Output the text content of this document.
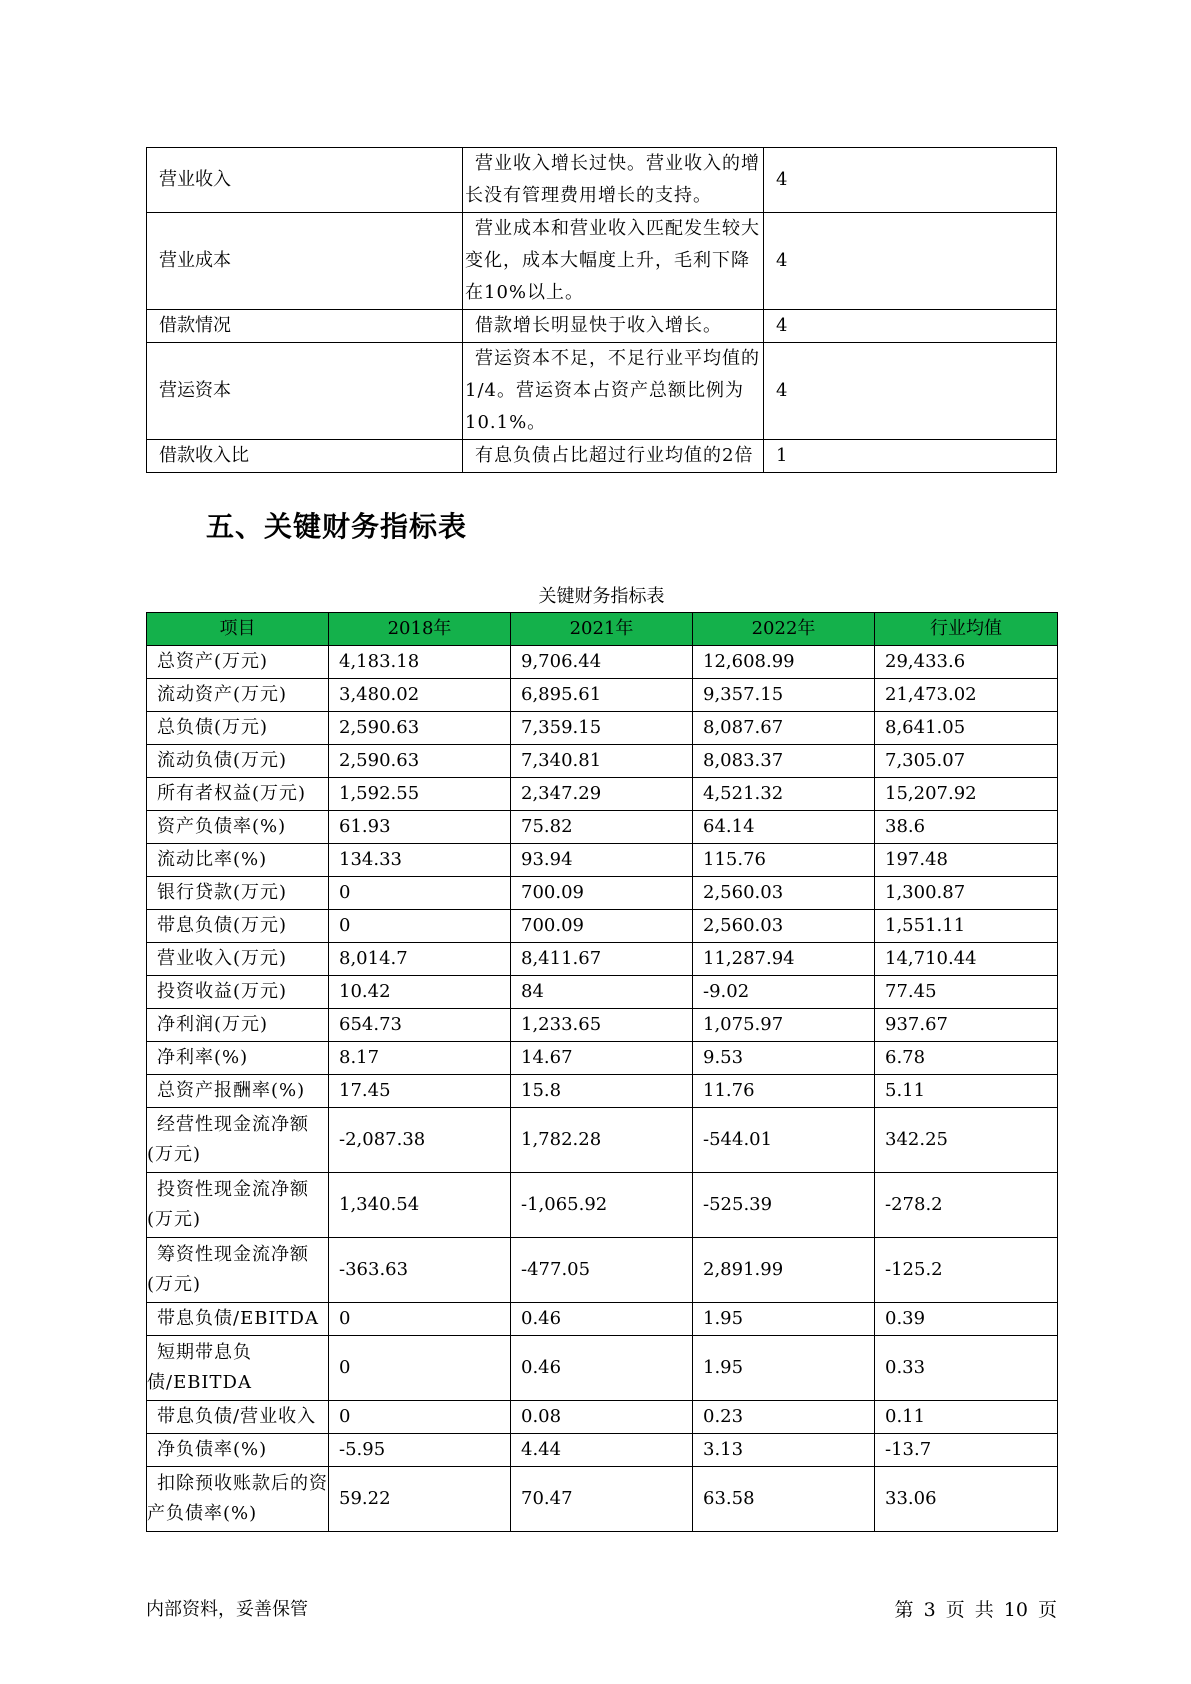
营业收入	营业收入增长过快。营业收入的增长没有管理费用增长的支持。	4
营业成本	营业成本和营业收入匹配发生较大变化，成本大幅度上升，毛利下降在10%以上。	4
借款情况	借款增长明显快于收入增长。	4
营运资本	营运资本不足，不足行业平均值的1/4。营运资本占资产总额比例为10.1%。	4
借款收入比	有息负债占比超过行业均值的2倍	1
五、关键财务指标表
关键财务指标表
项目	2018年	2021年	2022年	行业均值
总资产(万元)	4,183.18	9,706.44	12,608.99	29,433.6
流动资产(万元)	3,480.02	6,895.61	9,357.15	21,473.02
总负债(万元)	2,590.63	7,359.15	8,087.67	8,641.05
流动负债(万元)	2,590.63	7,340.81	8,083.37	7,305.07
所有者权益(万元)	1,592.55	2,347.29	4,521.32	15,207.92
资产负债率(%)	61.93	75.82	64.14	38.6
流动比率(%)	134.33	93.94	115.76	197.48
银行贷款(万元)	0	700.09	2,560.03	1,300.87
带息负债(万元)	0	700.09	2,560.03	1,551.11
营业收入(万元)	8,014.7	8,411.67	11,287.94	14,710.44
投资收益(万元)	10.42	84	-9.02	77.45
净利润(万元)	654.73	1,233.65	1,075.97	937.67
净利率(%)	8.17	14.67	9.53	6.78
总资产报酬率(%)	17.45	15.8	11.76	5.11
经营性现金流净额(万元)	-2,087.38	1,782.28	-544.01	342.25
投资性现金流净额(万元)	1,340.54	-1,065.92	-525.39	-278.2
筹资性现金流净额(万元)	-363.63	-477.05	2,891.99	-125.2
带息负债/EBITDA	0	0.46	1.95	0.39
短期带息负债/EBITDA	0	0.46	1.95	0.33
带息负债/营业收入	0	0.08	0.23	0.11
净负债率(%)	-5.95	4.44	3.13	-13.7
扣除预收账款后的资产负债率(%)	59.22	70.47	63.58	33.06
内部资料，妥善保管	第 3 页 共 10 页
